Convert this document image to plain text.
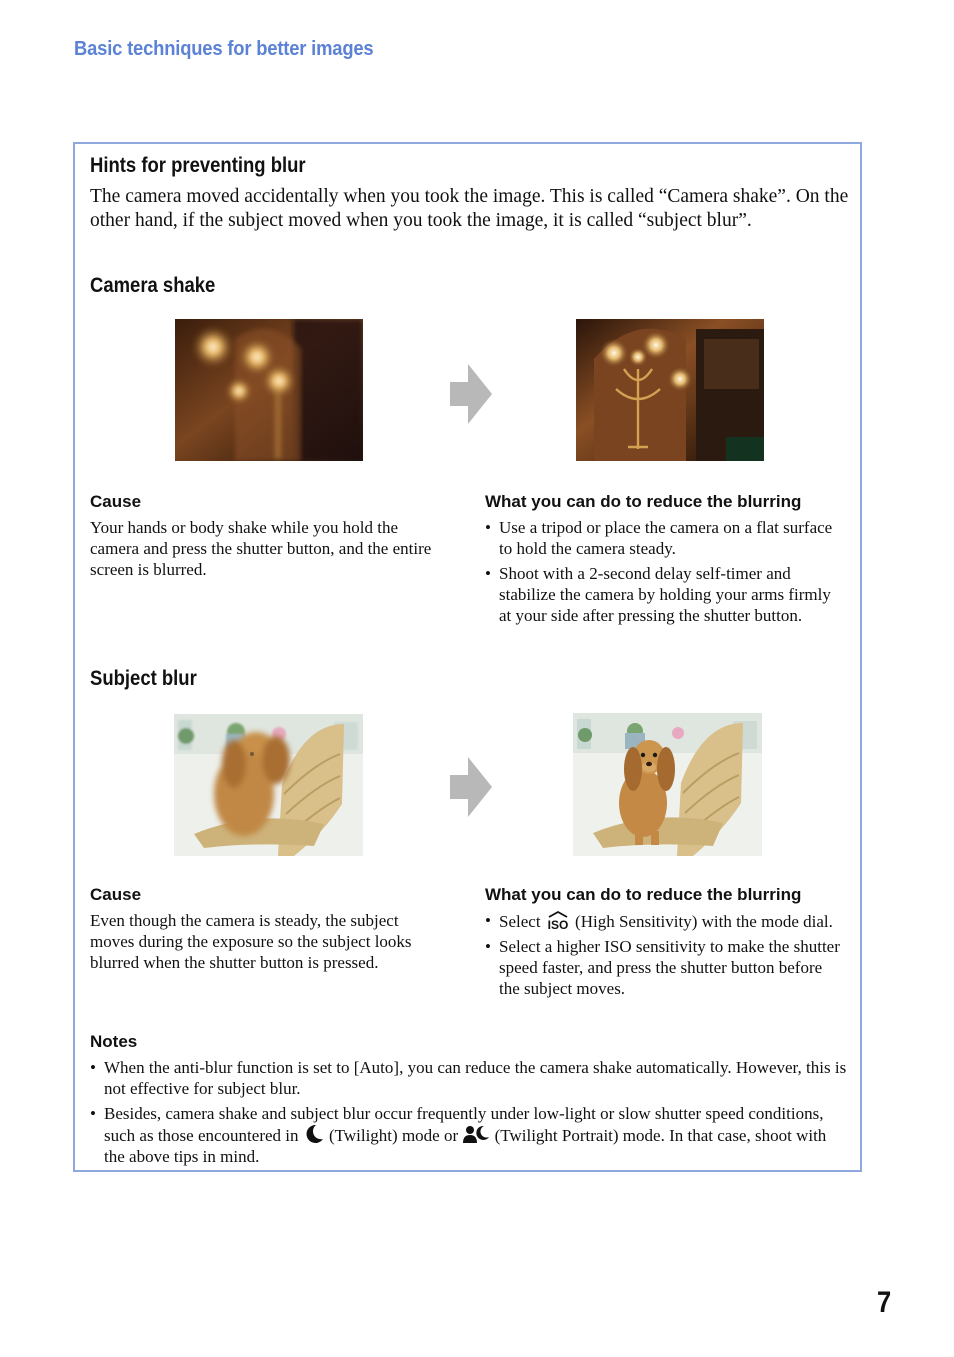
Basic techniques for better images
Hints for preventing blur
The camera moved accidentally when you took the image. This is called “Camera shake”. On the other hand, if the subject moved when you took the image, it is called “subject blur”.
Camera shake
Cause
Your hands or body shake while you hold the camera and press the shutter button, and the entire screen is blurred.
What you can do to reduce the blurring
• Use a tripod or place the camera on a flat surface to hold the camera steady.
• Shoot with a 2-second delay self-timer and stabilize the camera by holding your arms firmly at your side after pressing the shutter button.
Subject blur
Cause
Even though the camera is steady, the subject moves during the exposure so the subject looks blurred when the shutter button is pressed.
What you can do to reduce the blurring
• Select ISO (High Sensitivity) with the mode dial.
• Select a higher ISO sensitivity to make the shutter speed faster, and press the shutter button before the subject moves.
Notes
• When the anti-blur function is set to [Auto], you can reduce the camera shake automatically. However, this is not effective for subject blur.
• Besides, camera shake and subject blur occur frequently under low-light or slow shutter speed conditions, such as those encountered in (Twilight) mode or (Twilight Portrait) mode. In that case, shoot with the above tips in mind.
7
